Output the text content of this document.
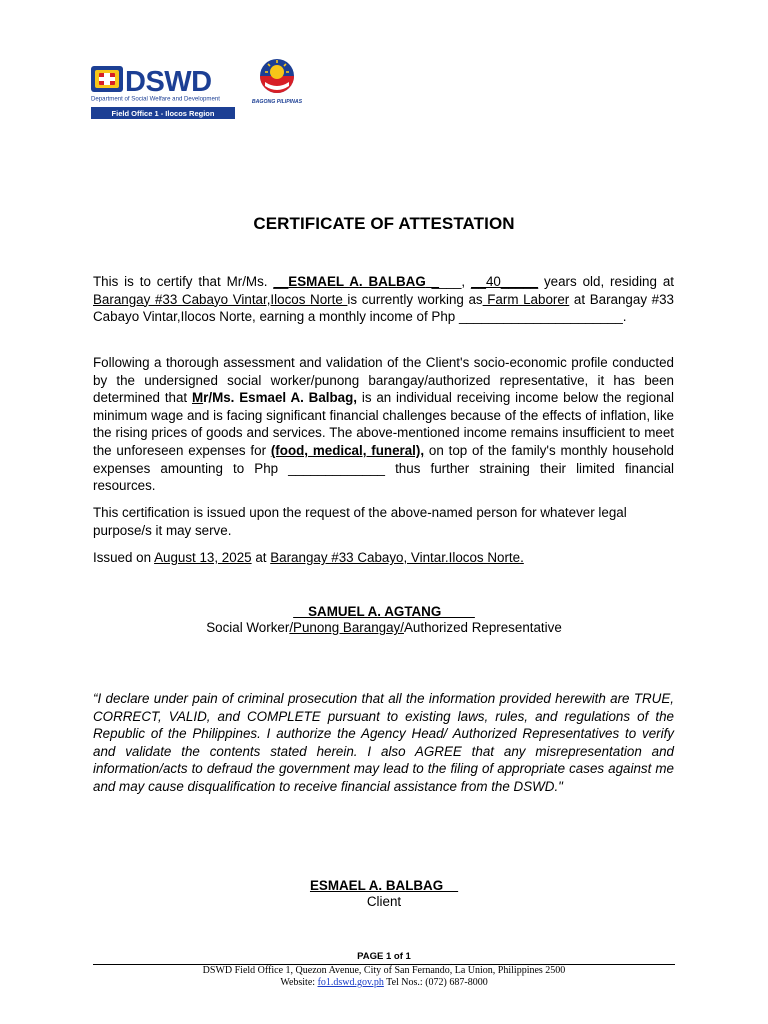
DSWD
Department of Social Welfare and Development
Field Office 1 - Ilocos Region
BAGONG PILIPINAS
CERTIFICATE OF ATTESTATION
This is to certify that Mr/Ms. __ESMAEL A. BALBAG ____, __40_____ years old, residing at Barangay #33 Cabayo Vintar,Ilocos Norte is currently working as Farm Laborer at Barangay #33 Cabayo Vintar,Ilocos Norte, earning a monthly income of Php ______________________.
Following a thorough assessment and validation of the Client's socio-economic profile conducted by the undersigned social worker/punong barangay/authorized representative, it has been determined that Mr/Ms. Esmael A. Balbag, is an individual receiving income below the regional minimum wage and is facing significant financial challenges because of the effects of inflation, like the rising prices of goods and services. The above-mentioned income remains insufficient to meet the unforeseen expenses for (food, medical, funeral), on top of the family's monthly household expenses amounting to Php _____________ thus further straining their limited financial resources.
This certification is issued upon the request of the above-named person for whatever legal purpose/s it may serve.
Issued on August 13, 2025 at Barangay #33 Cabayo, Vintar.Ilocos Norte.
__SAMUEL A. AGTANG__ __
Social Worker/Punong Barangay/Authorized Representative
“I declare under pain of criminal prosecution that all the information provided herewith are TRUE, CORRECT, VALID, and COMPLETE pursuant to existing laws, rules, and regulations of the Republic of the Philippines. I authorize the Agency Head/ Authorized Representatives to verify and validate the contents stated herein. I also AGREE that any misrepresentation and information/acts to defraud the government may lead to the filing of appropriate cases against me and may cause disqualification to receive financial assistance from the DSWD."
ESMAEL A. BALBAG__
Client
PAGE 1 of 1
DSWD Field Office 1, Quezon Avenue, City of San Fernando, La Union, Philippines 2500
Website: fo1.dswd.gov.ph Tel Nos.: (072) 687-8000
